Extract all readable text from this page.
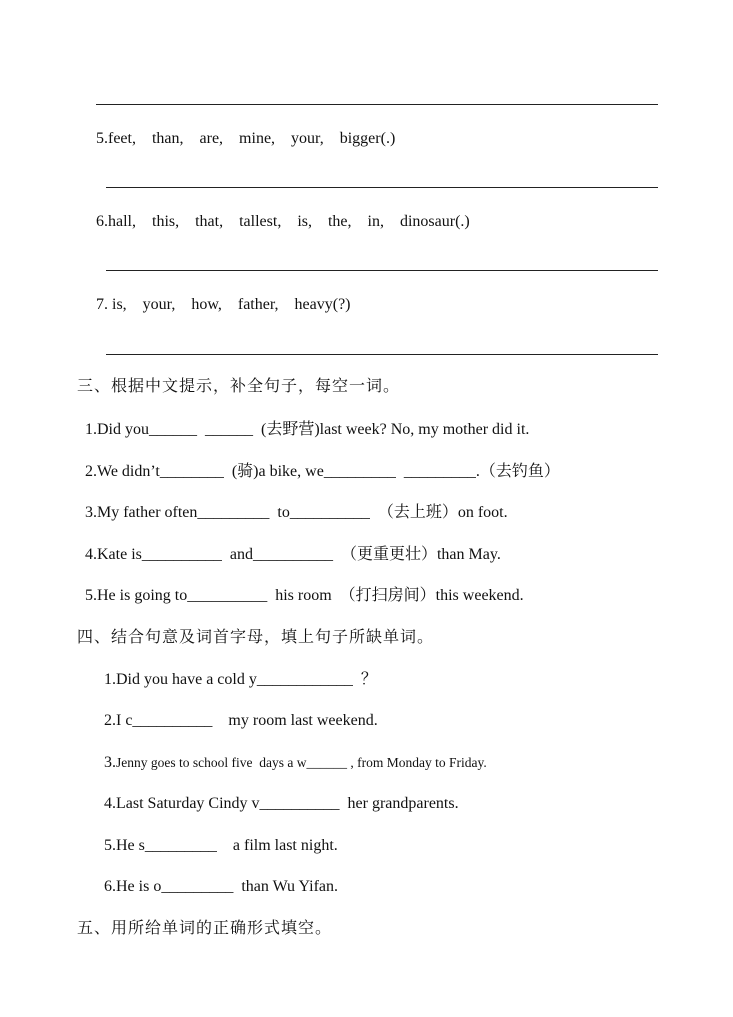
5.feet,    than,    are,    mine,    your,    bigger(.)
6.hall,    this,    that,    tallest,    is,    the,    in,    dinosaur(.)
7. is,    your,    how,    father,    heavy(?)
三、根据中文提示，补全句子，每空一词。
1.Did you______  ______  (去野营)last week? No, my mother did it.
2.We didn’t________  (骑)a bike, we_________  _________.（去钓鱼）
3.My father often_________  to__________  （去上班）on foot.
4.Kate is__________  and__________  （更重更壮）than May.
5.He is going to__________  his room  （打扫房间）this weekend.
四、结合句意及词首字母，填上句子所缺单词。
1.Did you have a cold y____________  ？
2.I c__________    my room last weekend.
3.Jenny goes to school five  days a w______ , from Monday to Friday.
4.Last Saturday Cindy v__________  her grandparents.
5.He s_________    a film last night.
6.He is o_________  than Wu Yifan.
五、用所给单词的正确形式填空。
